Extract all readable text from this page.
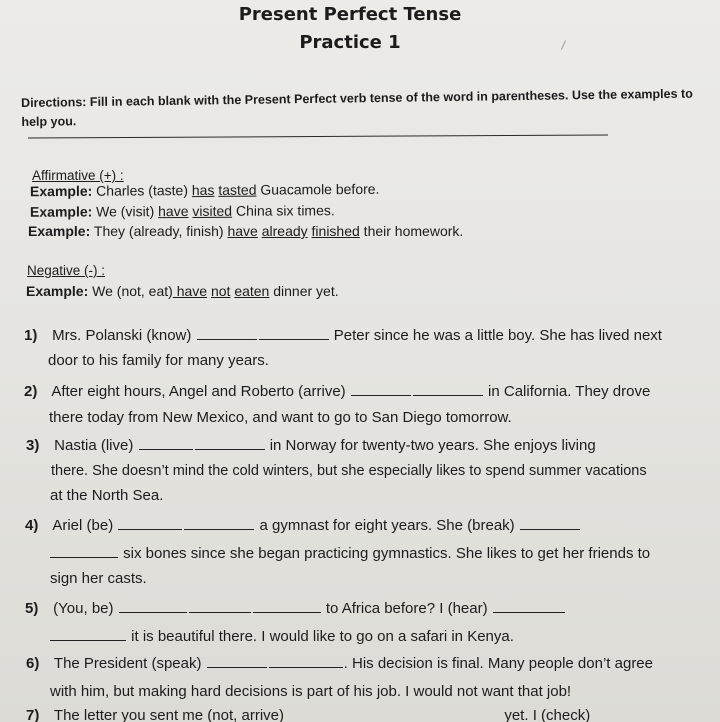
Present Perfect Tense
Practice 1
Directions: Fill in each blank with the Present Perfect verb tense of the word in parentheses. Use the examples to help you.
Affirmative (+) :
Example: Charles (taste) has tasted Guacamole before.
Example: We (visit) have visited China six times.
Example: They (already, finish) have already finished their homework.
Negative (-) :
Example: We (not, eat) have not eaten dinner yet.
1) Mrs. Polanski (know)	Peter since he was a little boy. She has lived next
door to his family for many years.
2) After eight hours, Angel and Roberto (arrive)	in California. They drove
there today from New Mexico, and want to go to San Diego tomorrow.
3) Nastia (live)	in Norway for twenty-two years. She enjoys living
there. She doesn’t mind the cold winters, but she especially likes to spend summer vacations
at the North Sea.
4) Ariel (be)	a gymnast for eight years. She (break)
six bones since she began practicing gymnastics. She likes to get her friends to
sign her casts.
5) (You, be)	to Africa before? I (hear)
it is beautiful there. I would like to go on a safari in Kenya.
6) The President (speak)	. His decision is final. Many people don’t agree
with him, but making hard decisions is part of his job. I would not want that job!
7) The letter you sent me (not, arrive)	yet. I (check)
